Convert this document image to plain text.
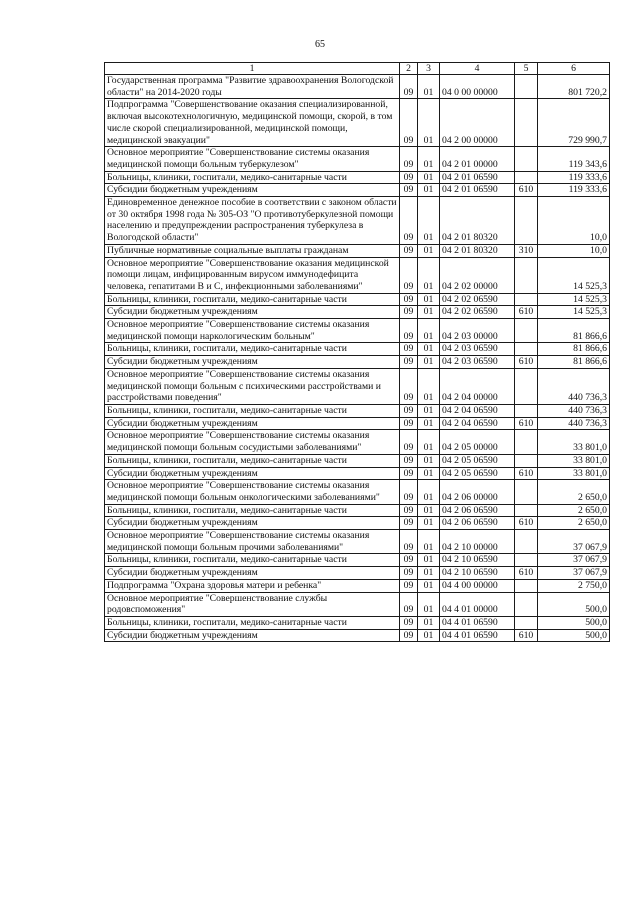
65
1	2	3	4	5	6
Государственная программа "Развитие здравоохранения Вологодской области" на 2014-2020 годы	09	01	04 0 00 00000		801 720,2
Подпрограмма "Совершенствование оказания специализированной, включая высокотехнологичную, медицинской помощи, скорой, в том числе скорой специализированной, медицинской помощи, медицинской эвакуации"	09	01	04 2 00 00000		729 990,7
Основное мероприятие "Совершенствование системы оказания медицинской помощи больным туберкулезом"	09	01	04 2 01 00000		119 343,6
Больницы, клиники, госпитали, медико-санитарные части	09	01	04 2 01 06590		119 333,6
Субсидии бюджетным учреждениям	09	01	04 2 01 06590	610	119 333,6
Единовременное денежное пособие в соответствии с законом области от 30 октября 1998 года № 305-ОЗ "О противотуберкулезной помощи населению и предупреждении распространения туберкулеза в Вологодской области"	09	01	04 2 01 80320		10,0
Публичные нормативные социальные выплаты гражданам	09	01	04 2 01 80320	310	10,0
Основное мероприятие "Совершенствование оказания медицинской помощи лицам, инфицированным вирусом иммунодефицита человека, гепатитами В и С, инфекционными заболеваниями"	09	01	04 2 02 00000		14 525,3
Больницы, клиники, госпитали, медико-санитарные части	09	01	04 2 02 06590		14 525,3
Субсидии бюджетным учреждениям	09	01	04 2 02 06590	610	14 525,3
Основное мероприятие "Совершенствование системы оказания медицинской помощи наркологическим больным"	09	01	04 2 03 00000		81 866,6
Больницы, клиники, госпитали, медико-санитарные части	09	01	04 2 03 06590		81 866,6
Субсидии бюджетным учреждениям	09	01	04 2 03 06590	610	81 866,6
Основное мероприятие "Совершенствование системы оказания медицинской помощи больным с психическими расстройствами и расстройствами поведения"	09	01	04 2 04 00000		440 736,3
Больницы, клиники, госпитали, медико-санитарные части	09	01	04 2 04 06590		440 736,3
Субсидии бюджетным учреждениям	09	01	04 2 04 06590	610	440 736,3
Основное мероприятие "Совершенствование системы оказания медицинской помощи больным сосудистыми заболеваниями"	09	01	04 2 05 00000		33 801,0
Больницы, клиники, госпитали, медико-санитарные части	09	01	04 2 05 06590		33 801,0
Субсидии бюджетным учреждениям	09	01	04 2 05 06590	610	33 801,0
Основное мероприятие "Совершенствование системы оказания медицинской помощи больным онкологическими заболеваниями"	09	01	04 2 06 00000		2 650,0
Больницы, клиники, госпитали, медико-санитарные части	09	01	04 2 06 06590		2 650,0
Субсидии бюджетным учреждениям	09	01	04 2 06 06590	610	2 650,0
Основное мероприятие "Совершенствование системы оказания медицинской помощи больным прочими заболеваниями"	09	01	04 2 10 00000		37 067,9
Больницы, клиники, госпитали, медико-санитарные части	09	01	04 2 10 06590		37 067,9
Субсидии бюджетным учреждениям	09	01	04 2 10 06590	610	37 067,9
Подпрограмма "Охрана здоровья матери и ребенка"	09	01	04 4 00 00000		2 750,0
Основное мероприятие "Совершенствование службы родовспоможения"	09	01	04 4 01 00000		500,0
Больницы, клиники, госпитали, медико-санитарные части	09	01	04 4 01 06590		500,0
Субсидии бюджетным учреждениям	09	01	04 4 01 06590	610	500,0
